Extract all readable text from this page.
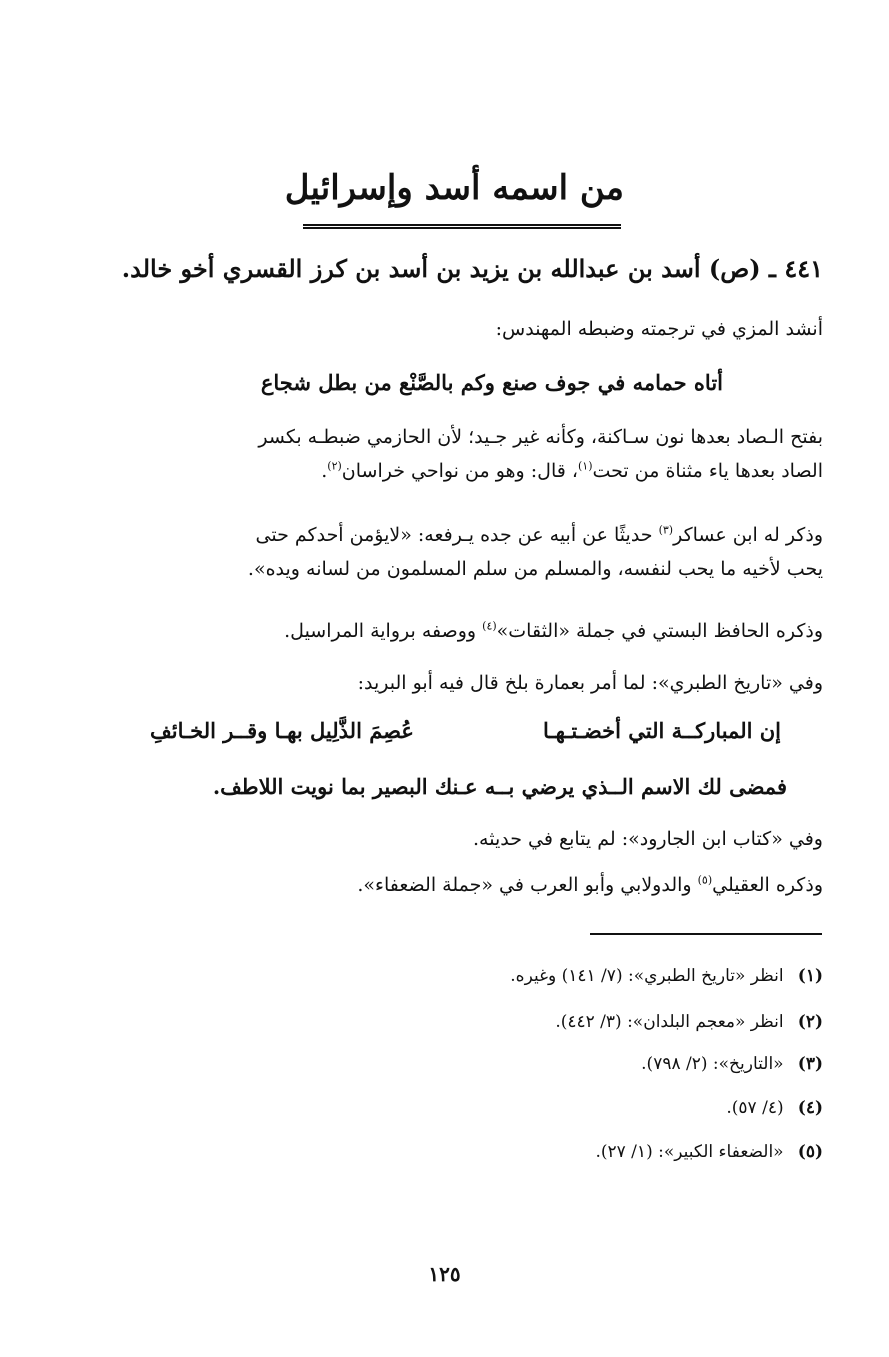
من اسمه أسد وإسرائيل
٤٤١ ـ (ص) أسد بن عبدالله بن يزيد بن أسد بن كرز القسري أخو خالد.
أنشد المزي في ترجمته وضبطه المهندس:
أتاه حمامه في جوف صنع وكم بالصَّنْع من بطل شجاع
بفتح الـصاد بعدها نون سـاكنة، وكأنه غير جـيد؛ لأن الحازمي ضبطـه بكسر
الصاد بعدها ياء مثناة من تحت$^{(١)}$، قال: وهو من نواحي خراسان$^{(٢)}$.
وذكر له ابن عساكر$^{(٣)}$ حديثًا عن أبيه عن جده يـرفعه: «لايؤمن أحدكم حتى
يحب لأخيه ما يحب لنفسه، والمسلم من سلم المسلمون من لسانه ويده».
وذكره الحافظ البستي في جملة «الثقات»$^{(٤)}$ ووصفه برواية المراسيل.
وفي «تاريخ الطبري»: لما أمر بعمارة بلخ قال فيه أبو البريد:
إن المباركــة التي أخضـتـهـا
عُصِمَ الذَّلِيل بهـا وقــر الخـائفِ
فمضى لك الاسم الــذي يرضي بــه عـنك البصير بما نويت اللاطف.
وفي «كتاب ابن الجارود»: لم يتابع في حديثه.
وذكره العقيلي$^{(٥)}$ والدولابي وأبو العرب في «جملة الضعفاء».
(١) انظر «تاريخ الطبري»: (٧/ ١٤١) وغيره.
(٢) انظر «معجم البلدان»: (٣/ ٤٤٢).
(٣) «التاريخ»: (٢/ ٧٩٨).
(٤) (٤/ ٥٧).
(٥) «الضعفاء الكبير»: (١/ ٢٧).
١٢٥
